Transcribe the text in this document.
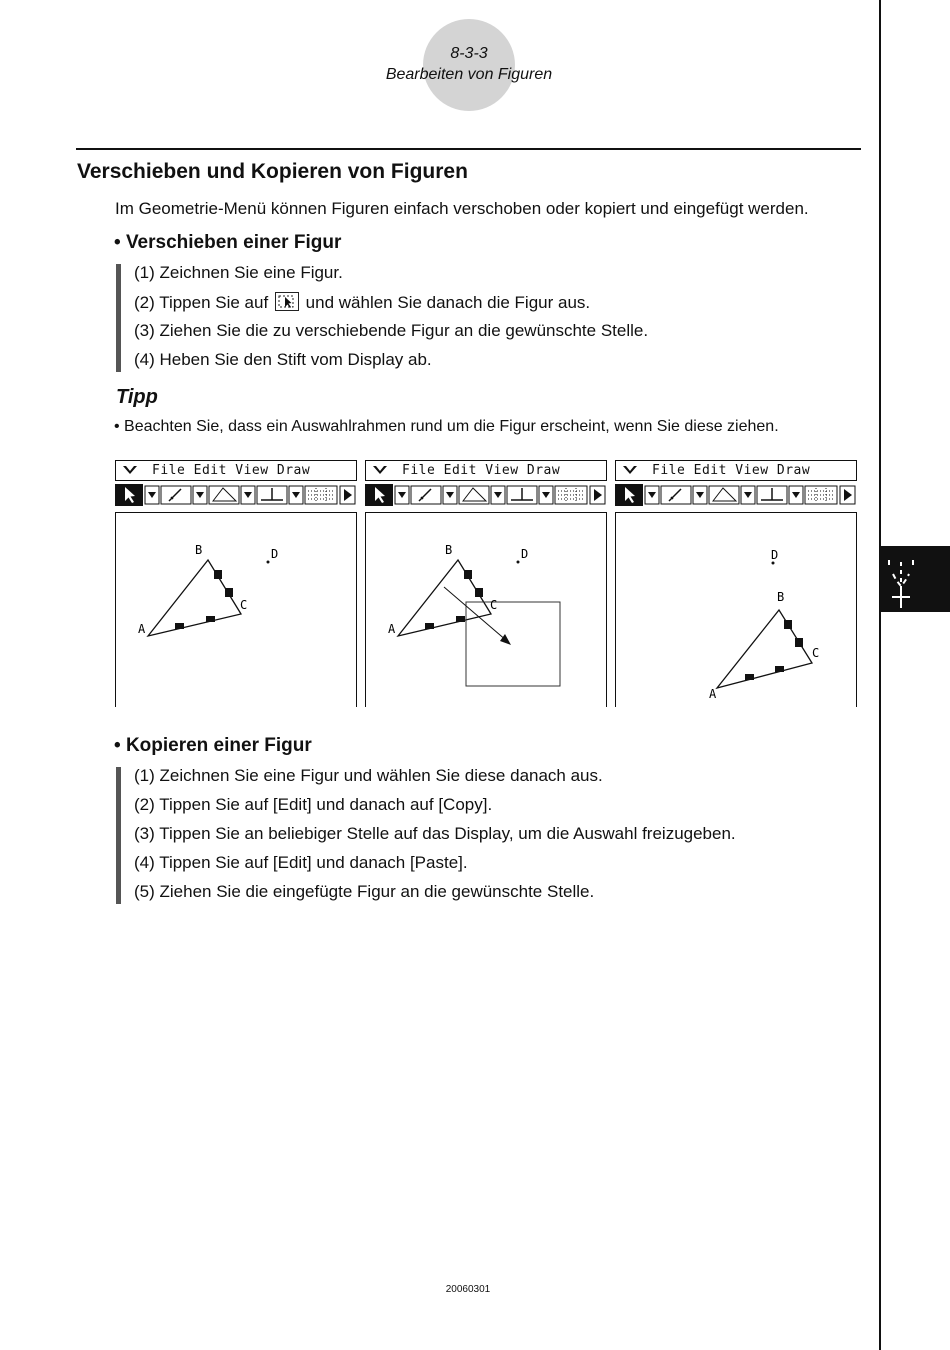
8-3-3
Bearbeiten von Figuren
Verschieben und Kopieren von Figuren
Im Geometrie-Menü können Figuren einfach verschoben oder kopiert und eingefügt werden.
• Verschieben einer Figur
(1) Zeichnen Sie eine Figur.
(2) Tippen Sie auf und wählen Sie danach die Figur aus.
(3) Ziehen Sie die zu verschiebende Figur an die gewünschte Stelle.
(4) Heben Sie den Stift vom Display ab.
Tipp
• Beachten Sie, dass ein Auswahlrahmen rund um die Figur erscheint, wenn Sie diese ziehen.
File Edit View Draw
B
C
A
D
File Edit View Draw
B
C
A
D
File Edit View Draw
B
C
A
D
• Kopieren einer Figur
(1) Zeichnen Sie eine Figur und wählen Sie diese danach aus.
(2) Tippen Sie auf [Edit] und danach auf [Copy].
(3) Tippen Sie an beliebiger Stelle auf das Display, um die Auswahl freizugeben.
(4) Tippen Sie auf [Edit] und danach [Paste].
(5) Ziehen Sie die eingefügte Figur an die gewünschte Stelle.
20060301
